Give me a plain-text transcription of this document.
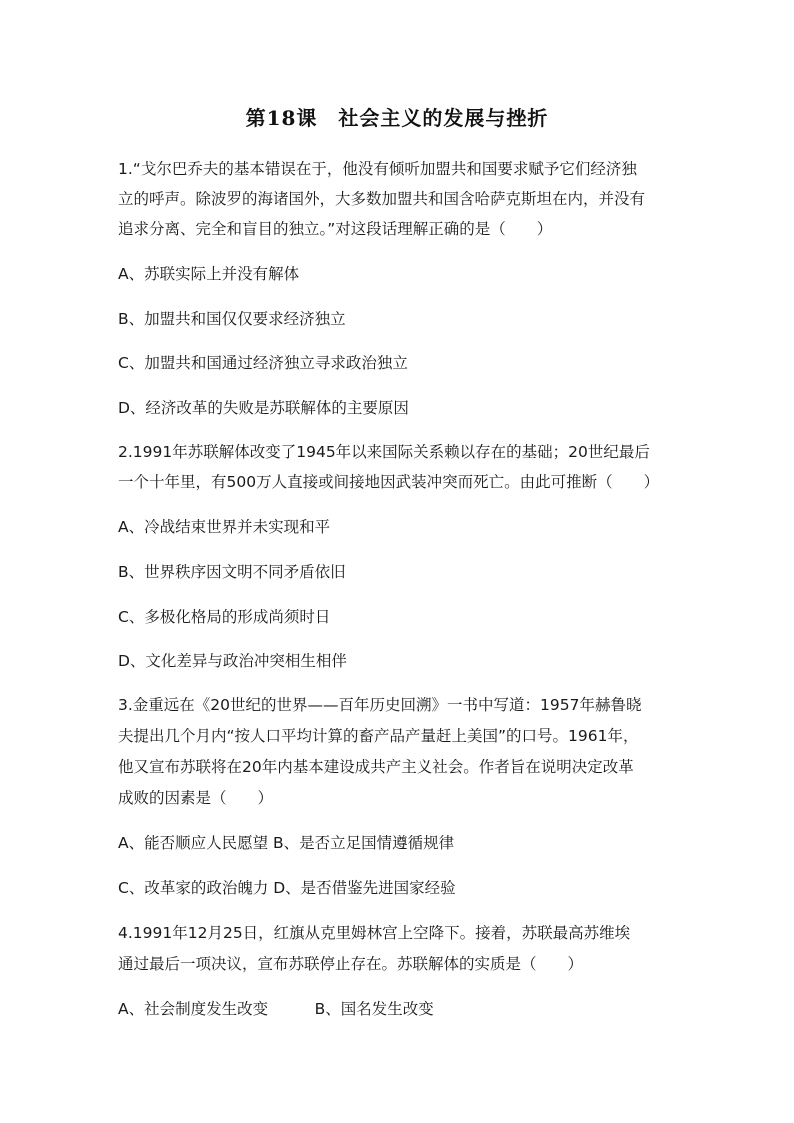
第18课　社会主义的发展与挫折
1.“戈尔巴乔夫的基本错误在于，他没有倾听加盟共和国要求赋予它们经济独
立的呼声。除波罗的海诸国外，大多数加盟共和国含哈萨克斯坦在内，并没有
追求分离、完全和盲目的独立。”对这段话理解正确的是（　　）
A、苏联实际上并没有解体
B、加盟共和国仅仅要求经济独立
C、加盟共和国通过经济独立寻求政治独立
D、经济改革的失败是苏联解体的主要原因
2.1991年苏联解体改变了1945年以来国际关系赖以存在的基础；20世纪最后
一个十年里，有500万人直接或间接地因武装冲突而死亡。由此可推断（　　）
A、冷战结束世界并未实现和平
B、世界秩序因文明不同矛盾依旧
C、多极化格局的形成尚须时日
D、文化差异与政治冲突相生相伴
3.金重远在《20世纪的世界——百年历史回溯》一书中写道：1957年赫鲁晓
夫提出几个月内“按人口平均计算的畜产品产量赶上美国”的口号。1961年，
他又宣布苏联将在20年内基本建设成共产主义社会。作者旨在说明决定改革
成败的因素是（　　）
A、能否顺应人民愿望 B、是否立足国情遵循规律
C、改革家的政治魄力 D、是否借鉴先进国家经验
4.1991年12月25日，红旗从克里姆林宫上空降下。接着，苏联最高苏维埃
通过最后一项决议，宣布苏联停止存在。苏联解体的实质是（　　）
A、社会制度发生改变　　　B、国名发生改变
